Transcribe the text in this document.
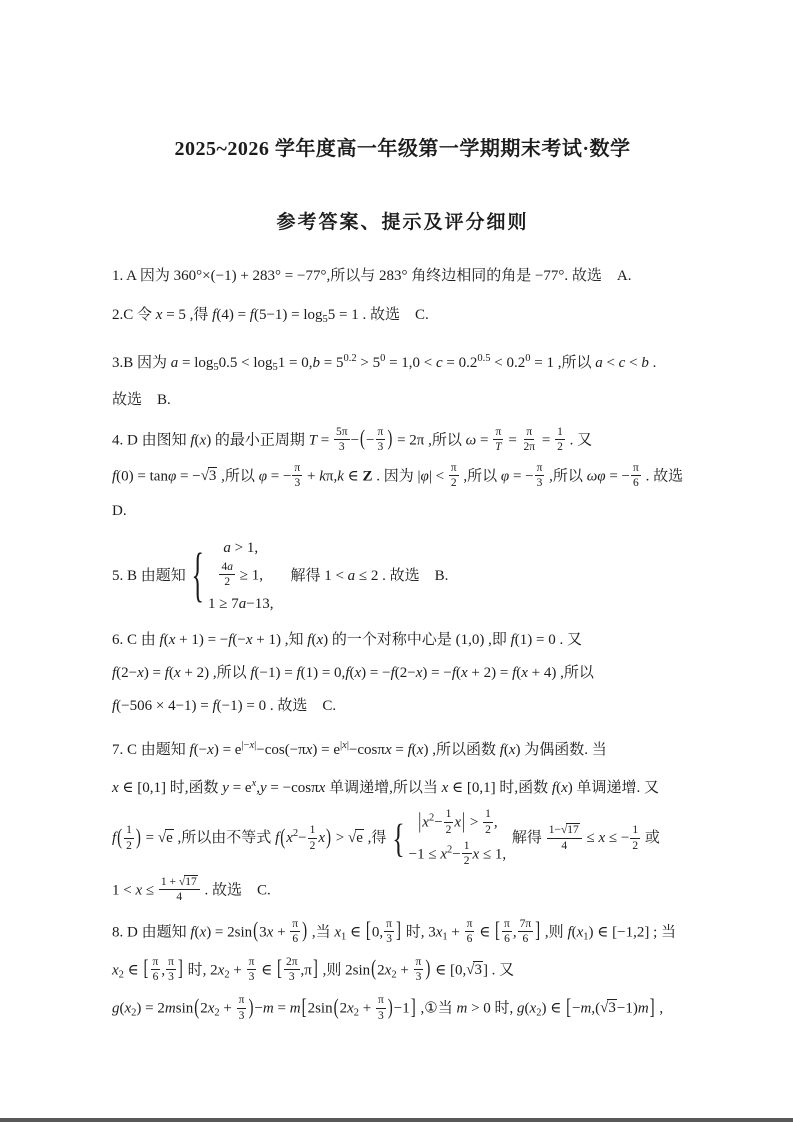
2025~2026 学年度高一年级第一学期期末考试·数学
参考答案、提示及评分细则
1. A 因为 360°×(−1) + 283° = −77°,所以与 283° 角终边相同的角是 −77°. 故选　A.
2.C 令 x = 5 ,得 $f(4) = f(5-1) = \log_55 = 1$ . 故选　C.
3.B 因为 $a = \log_50.5 < \log_51 = 0,b = 5^{0.2} > 5^0 = 1,0 < c = 0.2^{0.5} < 0.2^0 = 1$ ,所以 a < c < b .
故选　B.
4. D 由图知 f(x) 的最小正周期 $T = \frac{5\pi}{3}$ −(− $\frac{\pi}{3}$ ) = 2π ,所以 $\omega = \frac{\pi}{T} = \frac{\pi}{2\pi} = \frac{1}{2}$ . 又
f(0) = tanφ = −√3 ,所以 φ = − $\frac{\pi}{3} + k\pi,k$ ∈ Z . 因为 $|\varphi| < \frac{\pi}{2}$ ,所以 φ = − $\frac{\pi}{3}$ ,所以 ωφ = − $\frac{\pi}{6}$ . 故选
D.
5. B 由题知 { a > 1,
$\frac{4a}{2} \ge 1$,
1 ≥ 7a−13,
　解得 1 < a ≤ 2 . 故选　B.
6. C 由 f(x + 1) = −f(−x + 1) ,知 f(x) 的一个对称中心是 (1,0) ,即 f(1) = 0 . 又
f(2−x) = f(x + 2) ,所以 f(−1) = f(1) = 0,f(x) = −f(2−x) = −f(x + 2) = f(x + 4) ,所以
f(−506 × 4−1) = f(−1) = 0 . 故选　C.
7. C 由题知 $f(-x) = e^{|-x|}-\cos(-\pi x) = e^{|x|}-\cos\pi x = f(x)$ ,所以函数 f(x) 为偶函数. 当
x ∈ [0,1] 时,函数 $y = e^x,y = -\cos\pi x$ 单调递增,所以当 x ∈ [0,1] 时,函数 f(x) 单调递增. 又
$f( \frac{1}{2}$ ) = √e ,所以由不等式 $f(x^2- \frac{1}{2} x) > √e$ ,得 { $|x^2- \frac{1}{2} x| > \frac{1}{2}$ ,
$-1 \le x^2- \frac{1}{2}$ x ≤ 1,
解得 $\frac{1-√17}{4} \le x$ ≤ − $\frac{1}{2}$ 或
$1 < x \le \frac{1 + √17}{4}$ . 故选　C.
8. D 由题知 $f(x) = 2\sin(3x + \frac{\pi}{6}$ ) ,当 $x_1$ ∈ [0, $\frac{\pi}{3}$ ] 时, $3x_1 + \frac{\pi}{6}$ ∈ [ $\frac{\pi}{6}$ , $\frac{7\pi}{6}$ ] ,则 $f(x_1)$ ∈ [−1,2] ; 当
$x_2$ ∈ [ $\frac{\pi}{6}$ , $\frac{\pi}{3}$ ] 时, $2x_2 + \frac{\pi}{3}$ ∈ [ $\frac{2\pi}{3} ,\pi$] ,则 $2\sin(2x_2 + \frac{\pi}{3}$ ) ∈ [0,√3] . 又
$g(x_2) = 2msin(2x_2 + \frac{\pi}{3} )-m = m[2\sin(2x_2 + \frac{\pi}{3} )-1]$ ,①当 m > 0 时, $g(x_2)$ ∈ [−m,(√3−1)m] ,
